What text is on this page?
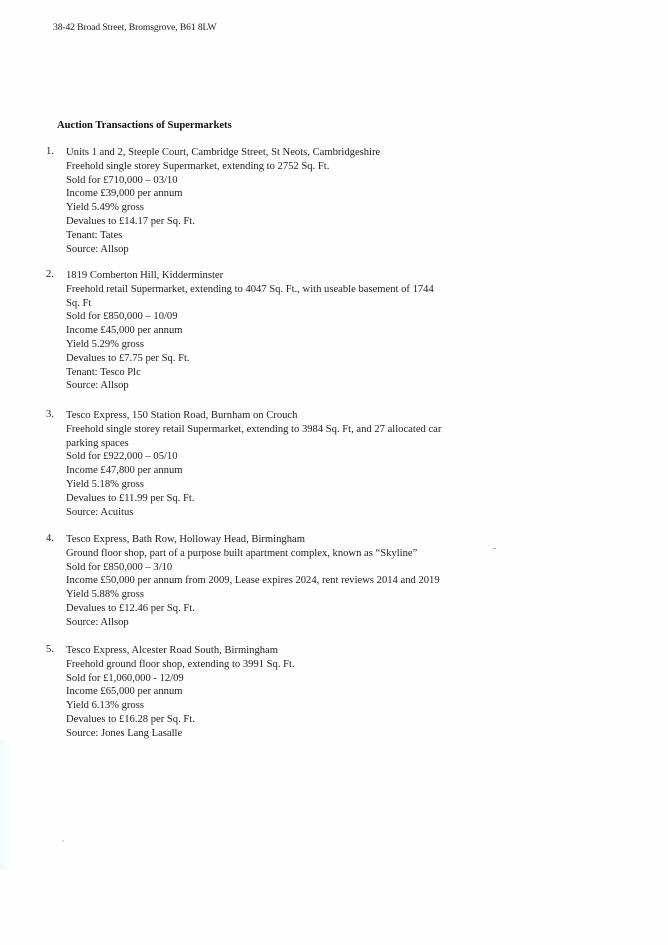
38-42 Broad Street, Bromsgrove, B61 8LW
Auction Transactions of Supermarkets
1. Units 1 and 2, Steeple Court, Cambridge Street, St Neots, Cambridgeshire
Freehold single storey Supermarket, extending to 2752 Sq. Ft.
Sold for £710,000 – 03/10
Income £39,000 per annum
Yield 5.49% gross
Devalues to £14.17 per Sq. Ft.
Tenant: Tates
Source: Allsop
2. 1819 Comberton Hill, Kidderminster
Freehold retail Supermarket, extending to 4047 Sq. Ft., with useable basement of 1744
Sq. Ft
Sold for £850,000 – 10/09
Income £45,000 per annum
Yield 5.29% gross
Devalues to £7.75 per Sq. Ft.
Tenant: Tesco Plc
Source: Allsop
3. Tesco Express, 150 Station Road, Burnham on Crouch
Freehold single storey retail Supermarket, extending to 3984 Sq. Ft, and 27 allocated car
parking spaces
Sold for £922,000 – 05/10
Income £47,800 per annum
Yield 5.18% gross
Devalues to £11.99 per Sq. Ft.
Source: Acuitus
4. Tesco Express, Bath Row, Holloway Head, Birmingham
Ground floor shop, part of a purpose built apartment complex, known as “Skyline”
Sold for £850,000 – 3/10
Income £50,000 per annum from 2009, Lease expires 2024, rent reviews 2014 and 2019
Yield 5.88% gross
Devalues to £12.46 per Sq. Ft.
Source: Allsop
5. Tesco Express, Alcester Road South, Birmingham
Freehold ground floor shop, extending to 3991 Sq. Ft.
Sold for £1,060,000 - 12/09
Income £65,000 per annum
Yield 6.13% gross
Devalues to £16.28 per Sq. Ft.
Source: Jones Lang Lasalle
